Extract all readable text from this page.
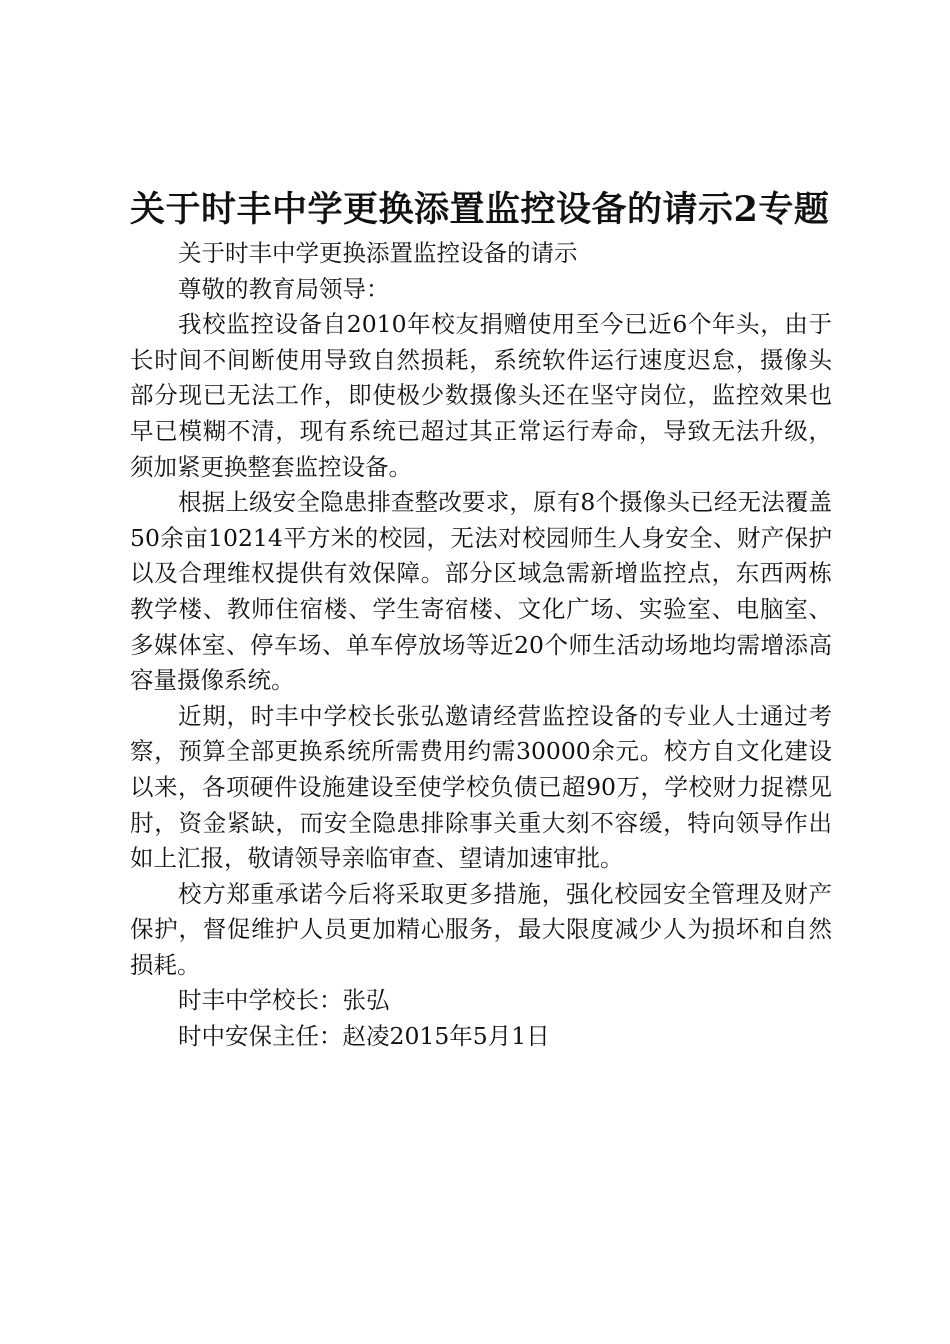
关于时丰中学更换添置监控设备的请示2专题

关于时丰中学更换添置监控设备的请示

尊敬的教育局领导：

我校监控设备自2010年校友捐赠使用至今已近6个年头，由于长时间不间断使用导致自然损耗，系统软件运行速度迟怠，摄像头部分现已无法工作，即使极少数摄像头还在坚守岗位，监控效果也早已模糊不清，现有系统已超过其正常运行寿命，导致无法升级，须加紧更换整套监控设备。

根据上级安全隐患排查整改要求，原有8个摄像头已经无法覆盖50余亩10214平方米的校园，无法对校园师生人身安全、财产保护以及合理维权提供有效保障。部分区域急需新增监控点，东西两栋教学楼、教师住宿楼、学生寄宿楼、文化广场、实验室、电脑室、多媒体室、停车场、单车停放场等近20个师生活动场地均需增添高容量摄像系统。

近期，时丰中学校长张弘邀请经营监控设备的专业人士通过考察，预算全部更换系统所需费用约需30000余元。校方自文化建设以来，各项硬件设施建设至使学校负债已超90万，学校财力捉襟见肘，资金紧缺，而安全隐患排除事关重大刻不容缓，特向领导作出如上汇报，敬请领导亲临审查、望请加速审批。

校方郑重承诺今后将采取更多措施，强化校园安全管理及财产保护，督促维护人员更加精心服务，最大限度减少人为损坏和自然损耗。

时丰中学校长：张弘

时中安保主任：赵凌2015年5月1日
